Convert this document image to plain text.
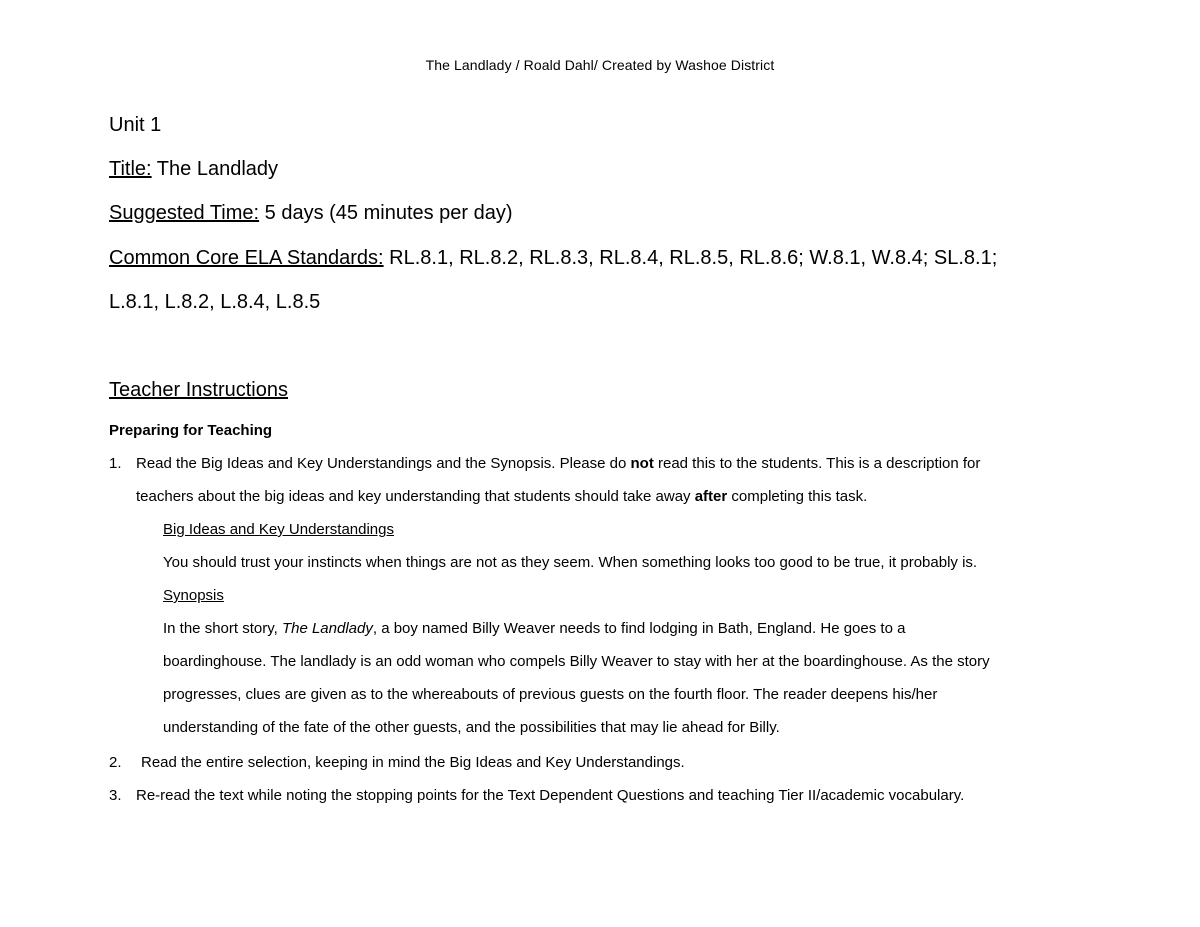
The Landlady / Roald Dahl/ Created by Washoe District
Unit 1
Title: The Landlady
Suggested Time: 5 days (45 minutes per day)
Common Core ELA Standards: RL.8.1, RL.8.2, RL.8.3, RL.8.4, RL.8.5, RL.8.6; W.8.1, W.8.4; SL.8.1;
L.8.1, L.8.2, L.8.4, L.8.5
Teacher Instructions
Preparing for Teaching
1. Read the Big Ideas and Key Understandings and the Synopsis. Please do not read this to the students. This is a description for
teachers about the big ideas and key understanding that students should take away after completing this task.
Big Ideas and Key Understandings
You should trust your instincts when things are not as they seem. When something looks too good to be true, it probably is.
Synopsis
In the short story, The Landlady, a boy named Billy Weaver needs to find lodging in Bath, England. He goes to a
boardinghouse. The landlady is an odd woman who compels Billy Weaver to stay with her at the boardinghouse. As the story
progresses, clues are given as to the whereabouts of previous guests on the fourth floor. The reader deepens his/her
understanding of the fate of the other guests, and the possibilities that may lie ahead for Billy.
2. Read the entire selection, keeping in mind the Big Ideas and Key Understandings.
3. Re-read the text while noting the stopping points for the Text Dependent Questions and teaching Tier II/academic vocabulary.
